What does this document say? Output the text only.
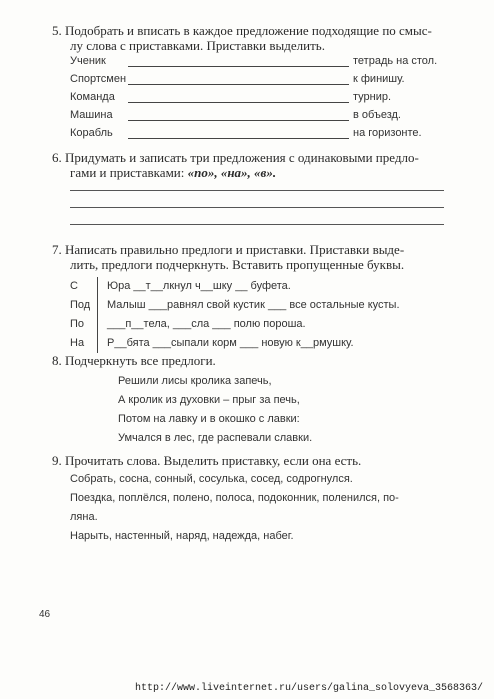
5. Подобрать и вписать в каждое предложение подходящие по смыс-
лу слова с приставками. Приставки выделить.
Ученик	тетрадь на стол.
Спортсмен	к финишу.
Команда	турнир.
Машина	в объезд.
Корабль	на горизонте.
6. Придумать и записать три предложения с одинаковыми предло-
гами и приставками: «по», «на», «в».
7. Написать правильно предлоги и приставки. Приставки выде-
лить, предлоги подчеркнуть. Вставить пропущенные буквы.
С	Юра __т__лкнул ч__шку __ буфета.
Под	Малыш ___равнял свой кустик ___ все остальные кусты.
По	___п__тела, ___сла ___ полю пороша.
На	Р__бята ___сыпали корм ___ новую к__рмушку.
8. Подчеркнуть все предлоги.
Решили лисы кролика запечь,
А кролик из духовки – прыг за печь,
Потом на лавку и в окошко с лавки:
Умчался в лес, где распевали славки.
9. Прочитать слова. Выделить приставку, если она есть.
Собрать, сосна, сонный, сосулька, сосед, содрогнулся.
Поездка, поплёлся, полено, полоса, подоконник, поленился, по-
ляна.
Нарыть, настенный, наряд, надежда, набег.
46
http://www.liveinternet.ru/users/galina_solovyeva_3568363/
